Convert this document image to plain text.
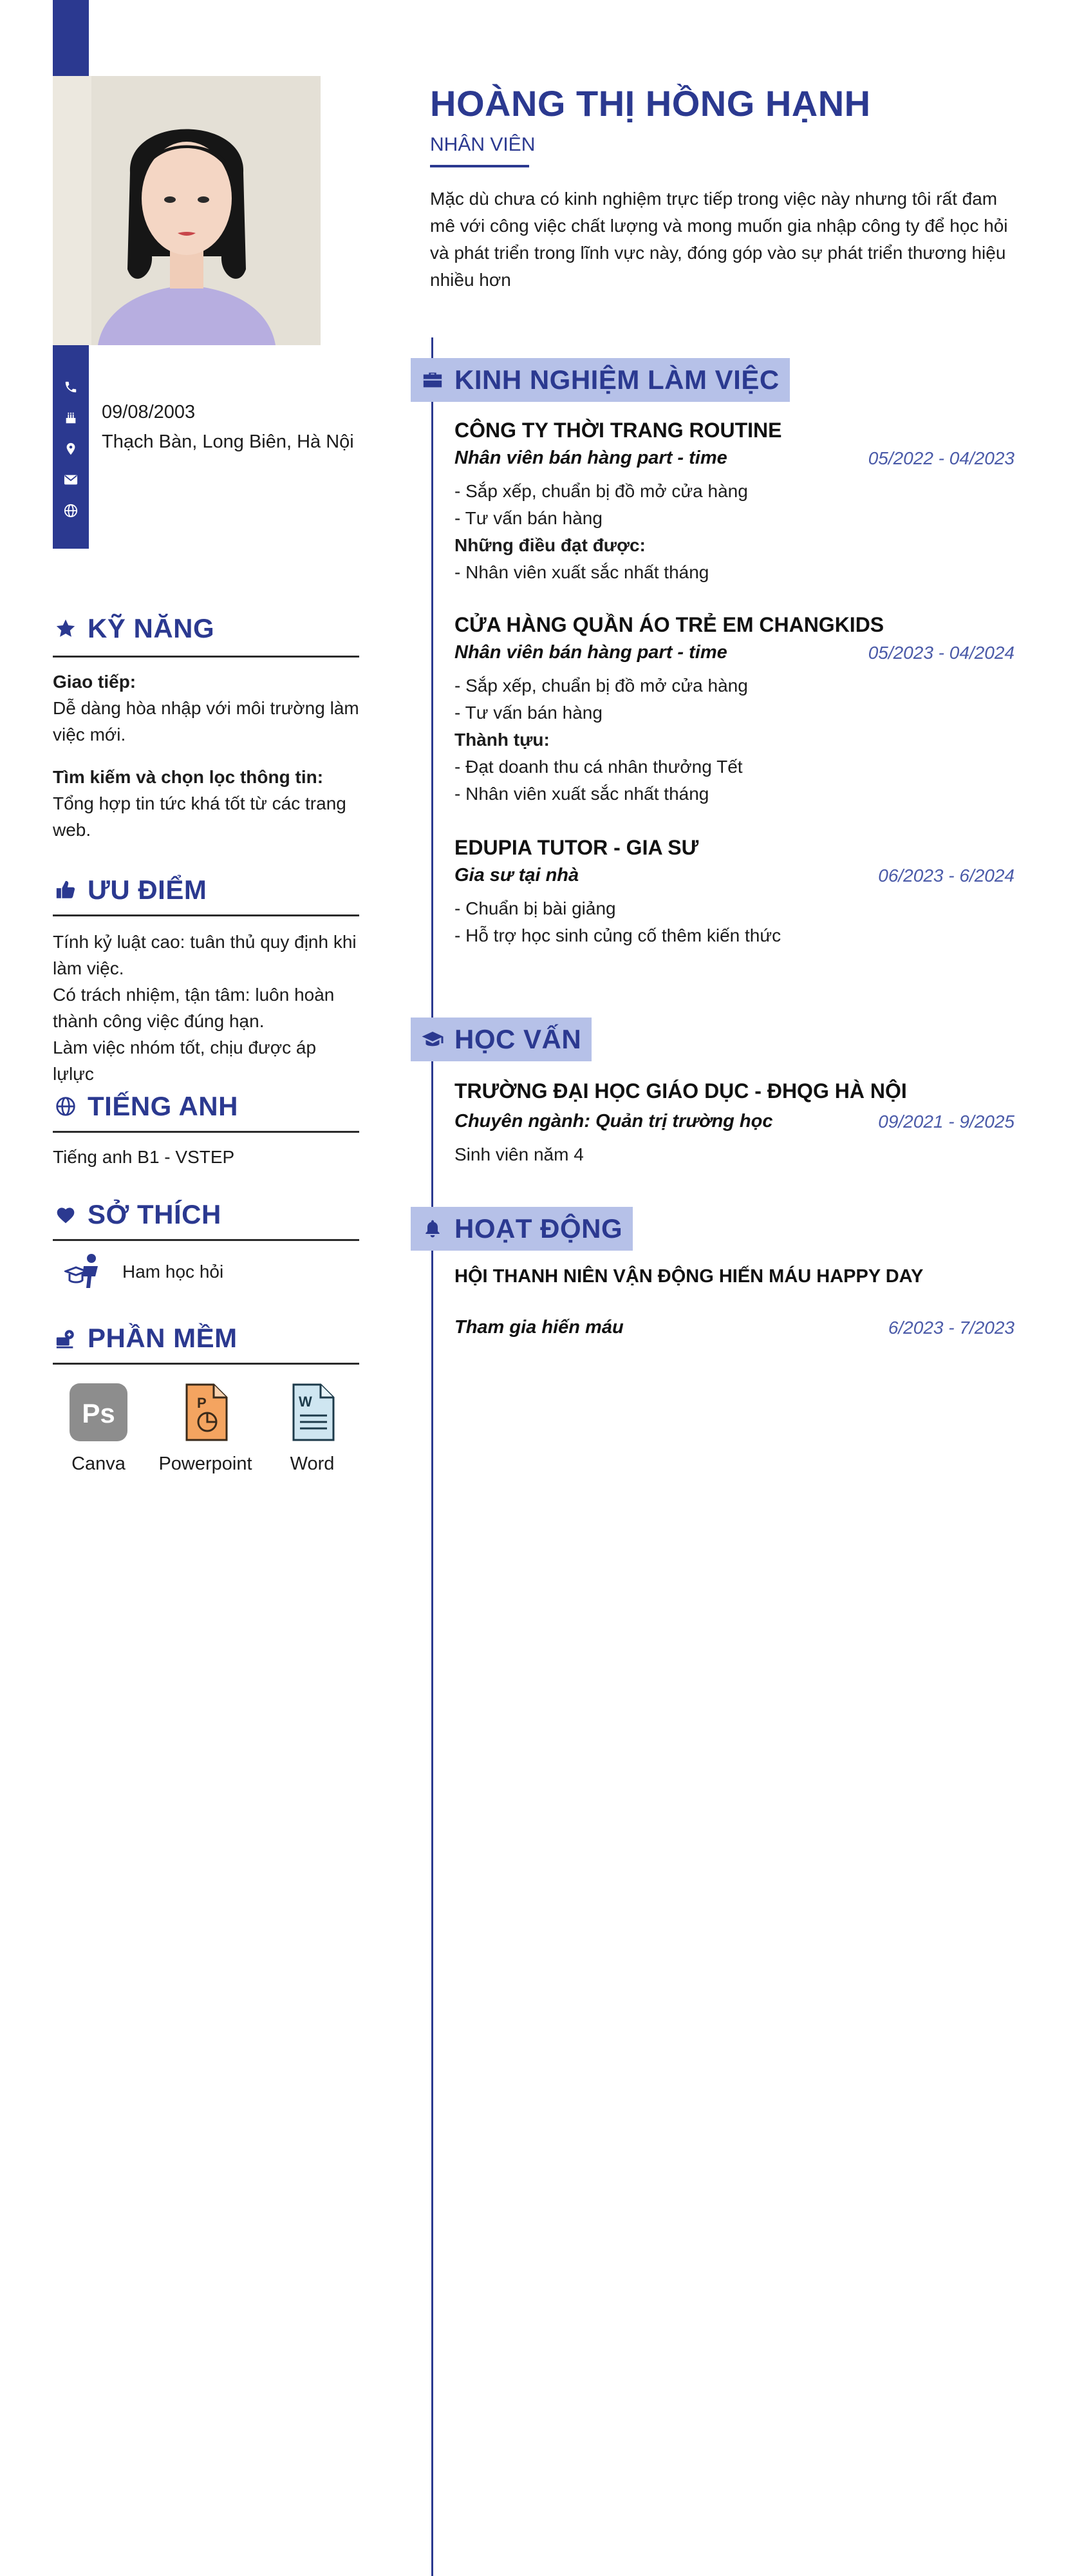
09/08/2003
Thạch Bàn, Long Biên, Hà Nội
KỸ NĂNG
Giao tiếp:
Dễ dàng hòa nhập với môi trường làm việc mới.
Tìm kiếm và chọn lọc thông tin:
Tổng hợp tin tức khá tốt từ các trang web.
ƯU ĐIỂM
Tính kỷ luật cao: tuân thủ quy định khi làm việc.
Có trách nhiệm, tận tâm: luôn hoàn thành công việc đúng hạn.
Làm việc nhóm tốt, chịu được áp lựlực
TIẾNG ANH
Tiếng anh B1 - VSTEP
SỞ THÍCH
Ham học hỏi
PHẦN MỀM
Ps
Canva
P
Powerpoint
W
Word
HOÀNG THỊ HỒNG HẠNH
NHÂN VIÊN
Mặc dù chưa có kinh nghiệm trực tiếp trong việc này nhưng tôi rất đam mê với công việc chất lượng và mong muốn gia nhập công ty để học hỏi và phát triển trong lĩnh vực này, đóng góp vào sự phát triển thương hiệu nhiều hơn
KINH NGHIỆM LÀM VIỆC
CÔNG TY THỜI TRANG ROUTINE
Nhân viên bán hàng part - time	05/2022 - 04/2023
- Sắp xếp, chuẩn bị đồ mở cửa hàng
- Tư vấn bán hàng
Những điều đạt được:
- Nhân viên xuất sắc nhất tháng
CỬA HÀNG QUẦN ÁO TRẺ EM CHANGKIDS
Nhân viên bán hàng part - time	05/2023 - 04/2024
- Sắp xếp, chuẩn bị đồ mở cửa hàng
- Tư vấn bán hàng
Thành tựu:
- Đạt doanh thu cá nhân thưởng Tết
- Nhân viên xuất sắc nhất tháng
EDUPIA TUTOR - GIA SƯ
Gia sư tại nhà	06/2023 - 6/2024
- Chuẩn bị bài giảng
- Hỗ trợ học sinh củng cố thêm kiến thức
HỌC VẤN
TRƯỜNG ĐẠI HỌC GIÁO DỤC - ĐHQG HÀ NỘI
Chuyên ngành: Quản trị trường học	09/2021 - 9/2025
Sinh viên năm 4
HOẠT ĐỘNG
HỘI THANH NIÊN VẬN ĐỘNG HIẾN MÁU HAPPY DAY
Tham gia hiến máu	6/2023 - 7/2023
